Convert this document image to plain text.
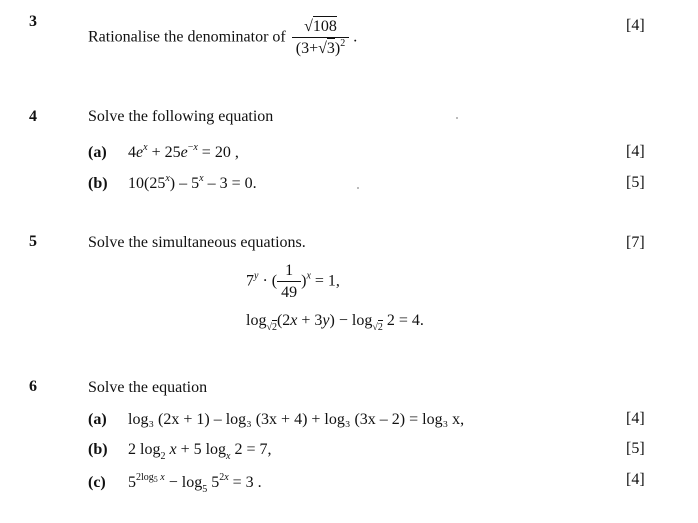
3
Rationalise the denominator of $\frac{√108}{(3+√3)^2}$ .
[4]
4	Solve the following equation
(a) $4e^x + 25e^{-x} = 20$ ,	[4]
(b) 10(25$^x$) – 5$^x$ – 3 = 0.	[5]
5	Solve the simultaneous equations.	[7]
$7^y$ · ( $\frac{1}{49} )^x = 1$,
$\log_{√2}(2x + 3y) - \log_{√2} 2 = 4$.
6	Solve the equation
(a) log₃ (2x + 1) – log₃ (3x + 4) + log₃ (3x – 2) = log₃ x,	[4]
(b) 2 $\log_2 x + 5$ $\log_x 2 = 7$,	[5]
(c) $5^{2log_5 x} - \log_5 5^{2x} = 3$ .	[4]
